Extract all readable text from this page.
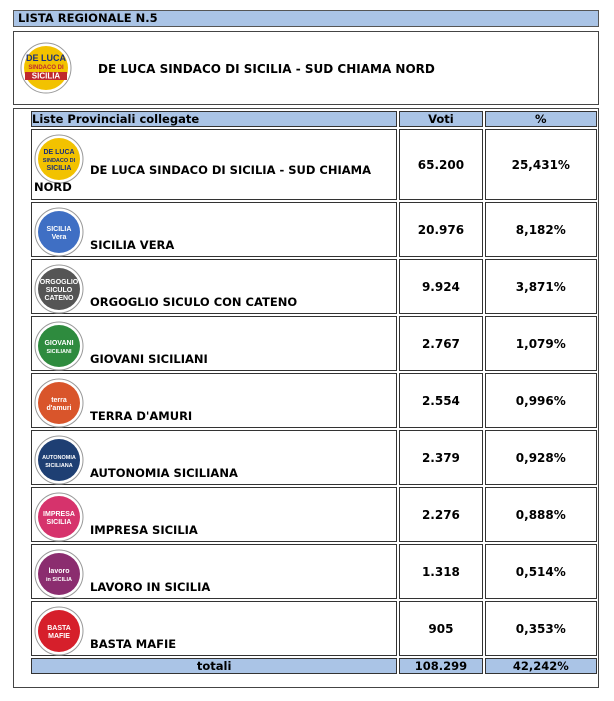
LISTA REGIONALE N.5
DE LUCA
SINDACO DI
SICILIA	DE LUCA SINDACO DI SICILIA - SUD CHIAMA NORD
Liste Provinciali collegate	Voti	%

DE LUCA
SINDACO DI
SICILIA DE LUCA SINDACO DI SICILIA - SUD CHIAMA NORD	65.200	25,431%

SICILIA
Vera
SICILIA VERA	20.976	8,182%

ORGOGLIO
SICULO
CATENO ORGOGLIO SICULO CON CATENO	9.924	3,871%

GIOVANI
SICILIANI GIOVANI SICILIANI	2.767	1,079%

terra
d'amuri
TERRA D'AMURI	2.554	0,996%

AUTONOMIA
SICILIANA AUTONOMIA SICILIANA	2.379	0,928%

IMPRESA
SICILIA
IMPRESA SICILIA	2.276	0,888%

lavoro
in SICILIA LAVORO IN SICILIA	1.318	0,514%

BASTA
MAFIE
BASTA MAFIE	905	0,353%
totali	108.299	42,242%
